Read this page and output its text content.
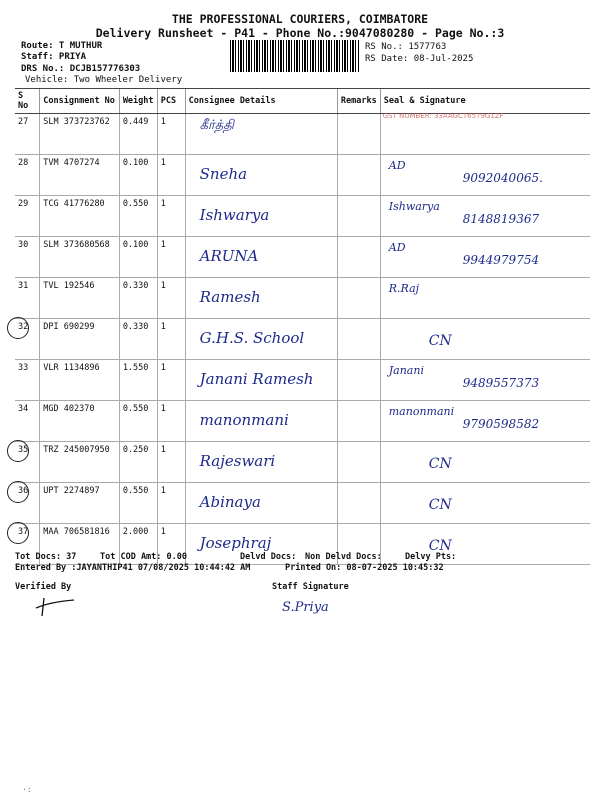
THE PROFESSIONAL COURIERS, COIMBATORE
Delivery Runsheet - P41 - Phone No.:9047080280 - Page No.:3
Route: T MUTHUR
Staff: PRIYA
DRS No.: DCJB157776303
Vehicle: Two Wheeler Delivery
RS No.: 1577763
RS Date: 08-Jul-2025
S No	Consignment No	Weight	PCS	Consignee Details	Remarks	Seal & Signature
27	SLM 373723762	0.449	1	கீர்த்தி		GST NUMBER: 33AAGCT6579G1ZF

28	TVM 4707274	0.100	1	Sneha		AD
9092040065.

29	TCG 41776280	0.550	1	Ishwarya		Ishwarya
8148819367

30	SLM 373680568	0.100	1	ARUNA		AD
9944979754

31	TVL 192546	0.330	1	Ramesh		R.Raj

32	DPI 690299	0.330	1	G.H.S. School		CN

33	VLR 1134896	1.550	1	Janani Ramesh		Janani
9489557373

34	MGD 402370	0.550	1	manonmani		manonmani
9790598582

35	TRZ 245007950	0.250	1	Rajeswari		CN

36	UPT 2274897	0.550	1	Abinaya		CN

37	MAA 706581816	2.000	1	Josephraj		CN
Tot Docs: 37	Tot COD Amt: 0.00	Delvd Docs: Non Delvd Docs:	Delvy Pts:
Entered By :JAYANTHIP41 07/08/2025 10:44:42 AM	Printed On: 08-07-2025 10:45:32
Verified By	Staff Signature
S.Priya
·:
